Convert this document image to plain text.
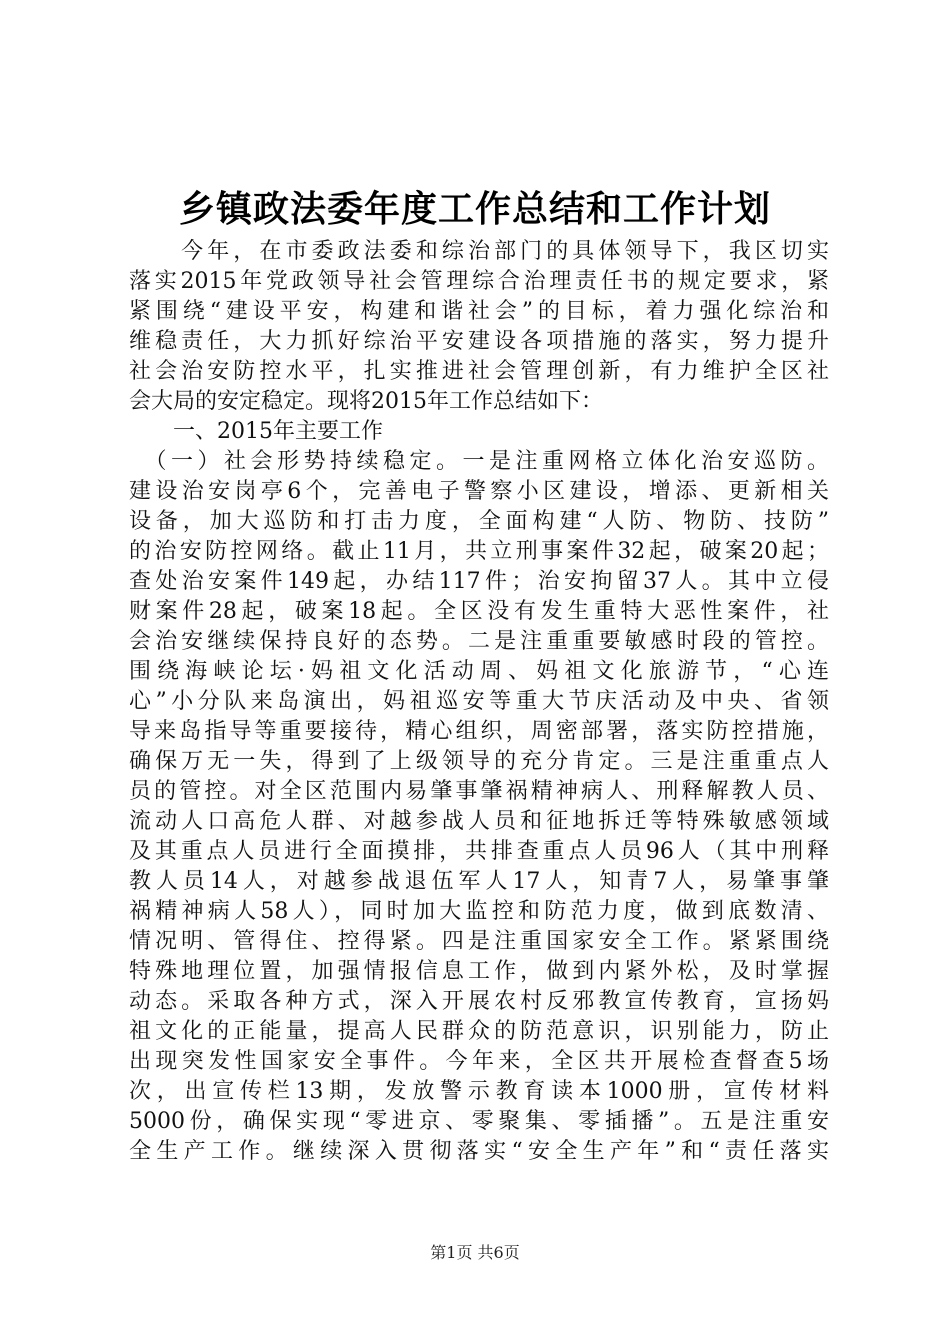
乡镇政法委年度工作总结和工作计划
　　今年，在市委政法委和综治部门的具体领导下，我区切实
落实2015年党政领导社会管理综合治理责任书的规定要求，紧
紧围绕“建设平安，构建和谐社会”的目标，着力强化综治和
维稳责任，大力抓好综治平安建设各项措施的落实，努力提升
社会治安防控水平，扎实推进社会管理创新，有力维护全区社
会大局的安定稳定。现将2015年工作总结如下：
　　一、2015年主要工作
　（一）社会形势持续稳定。一是注重网格立体化治安巡防。
建设治安岗亭6个，完善电子警察小区建设，增添、更新相关
设备，加大巡防和打击力度，全面构建“人防、物防、技防”
的治安防控网络。截止11月，共立刑事案件32起，破案20起；
查处治安案件149起，办结117件；治安拘留37人。其中立侵
财案件28起，破案18起。全区没有发生重特大恶性案件，社
会治安继续保持良好的态势。二是注重重要敏感时段的管控。
围绕海峡论坛·妈祖文化活动周、妈祖文化旅游节，“心连
心”小分队来岛演出，妈祖巡安等重大节庆活动及中央、省领
导来岛指导等重要接待，精心组织，周密部署，落实防控措施，
确保万无一失，得到了上级领导的充分肯定。三是注重重点人
员的管控。对全区范围内易肇事肇祸精神病人、刑释解教人员、
流动人口高危人群、对越参战人员和征地拆迁等特殊敏感领域
及其重点人员进行全面摸排，共排查重点人员96人（其中刑释
教人员14人，对越参战退伍军人17人，知青7人，易肇事肇
祸精神病人58人），同时加大监控和防范力度，做到底数清、
情况明、管得住、控得紧。四是注重国家安全工作。紧紧围绕
特殊地理位置，加强情报信息工作，做到内紧外松，及时掌握
动态。采取各种方式，深入开展农村反邪教宣传教育，宣扬妈
祖文化的正能量，提高人民群众的防范意识，识别能力，防止
出现突发性国家安全事件。今年来，全区共开展检查督查5场
次，出宣传栏13期，发放警示教育读本1000册，宣传材料
5000份，确保实现“零进京、零聚集、零插播”。五是注重安
全生产工作。继续深入贯彻落实“安全生产年”和“责任落实
第1页 共6页
